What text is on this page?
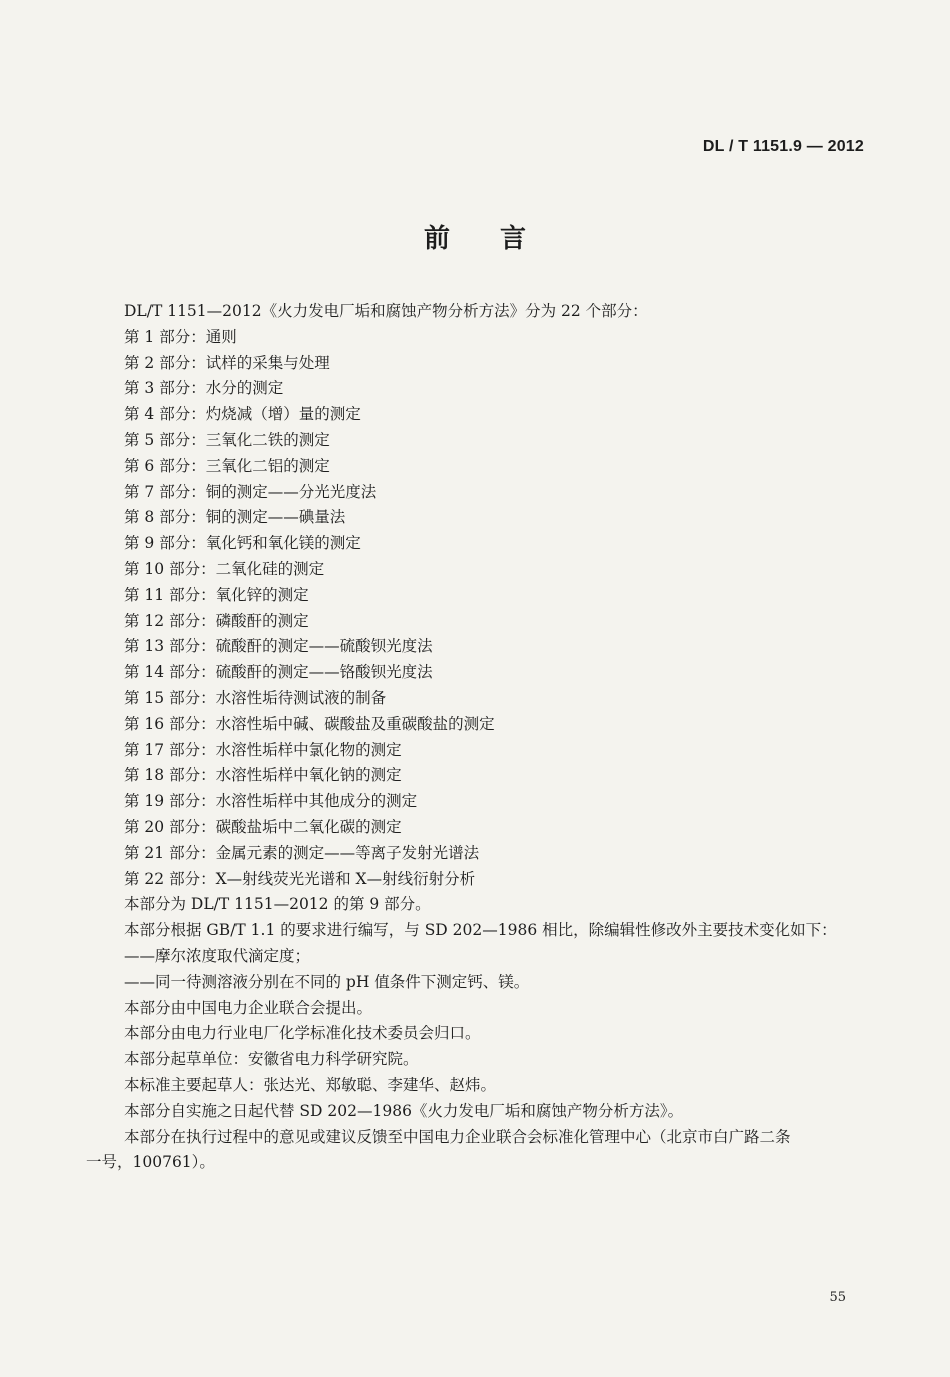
DL / T 1151.9 — 2012
前言

DL/T 1151—2012《火力发电厂垢和腐蚀产物分析方法》分为 22 个部分：

第 1 部分：通则

第 2 部分：试样的采集与处理

第 3 部分：水分的测定

第 4 部分：灼烧减（增）量的测定

第 5 部分：三氧化二铁的测定

第 6 部分：三氧化二铝的测定

第 7 部分：铜的测定——分光光度法

第 8 部分：铜的测定——碘量法

第 9 部分：氧化钙和氧化镁的测定

第 10 部分：二氧化硅的测定

第 11 部分：氧化锌的测定

第 12 部分：磷酸酐的测定

第 13 部分：硫酸酐的测定——硫酸钡光度法

第 14 部分：硫酸酐的测定——铬酸钡光度法

第 15 部分：水溶性垢待测试液的制备

第 16 部分：水溶性垢中碱、碳酸盐及重碳酸盐的测定

第 17 部分：水溶性垢样中氯化物的测定

第 18 部分：水溶性垢样中氧化钠的测定

第 19 部分：水溶性垢样中其他成分的测定

第 20 部分：碳酸盐垢中二氧化碳的测定

第 21 部分：金属元素的测定——等离子发射光谱法

第 22 部分：X—射线荧光光谱和 X—射线衍射分析

本部分为 DL/T 1151—2012 的第 9 部分。

本部分根据 GB/T 1.1 的要求进行编写，与 SD 202—1986 相比，除编辑性修改外主要技术变化如下：

——摩尔浓度取代滴定度；

——同一待测溶液分别在不同的 pH 值条件下测定钙、镁。

本部分由中国电力企业联合会提出。

本部分由电力行业电厂化学标准化技术委员会归口。

本部分起草单位：安徽省电力科学研究院。

本标准主要起草人：张达光、郑敏聪、李建华、赵炜。

本部分自实施之日起代替 SD 202—1986《火力发电厂垢和腐蚀产物分析方法》。

本部分在执行过程中的意见或建议反馈至中国电力企业联合会标准化管理中心（北京市白广路二条

一号，100761）。

55
